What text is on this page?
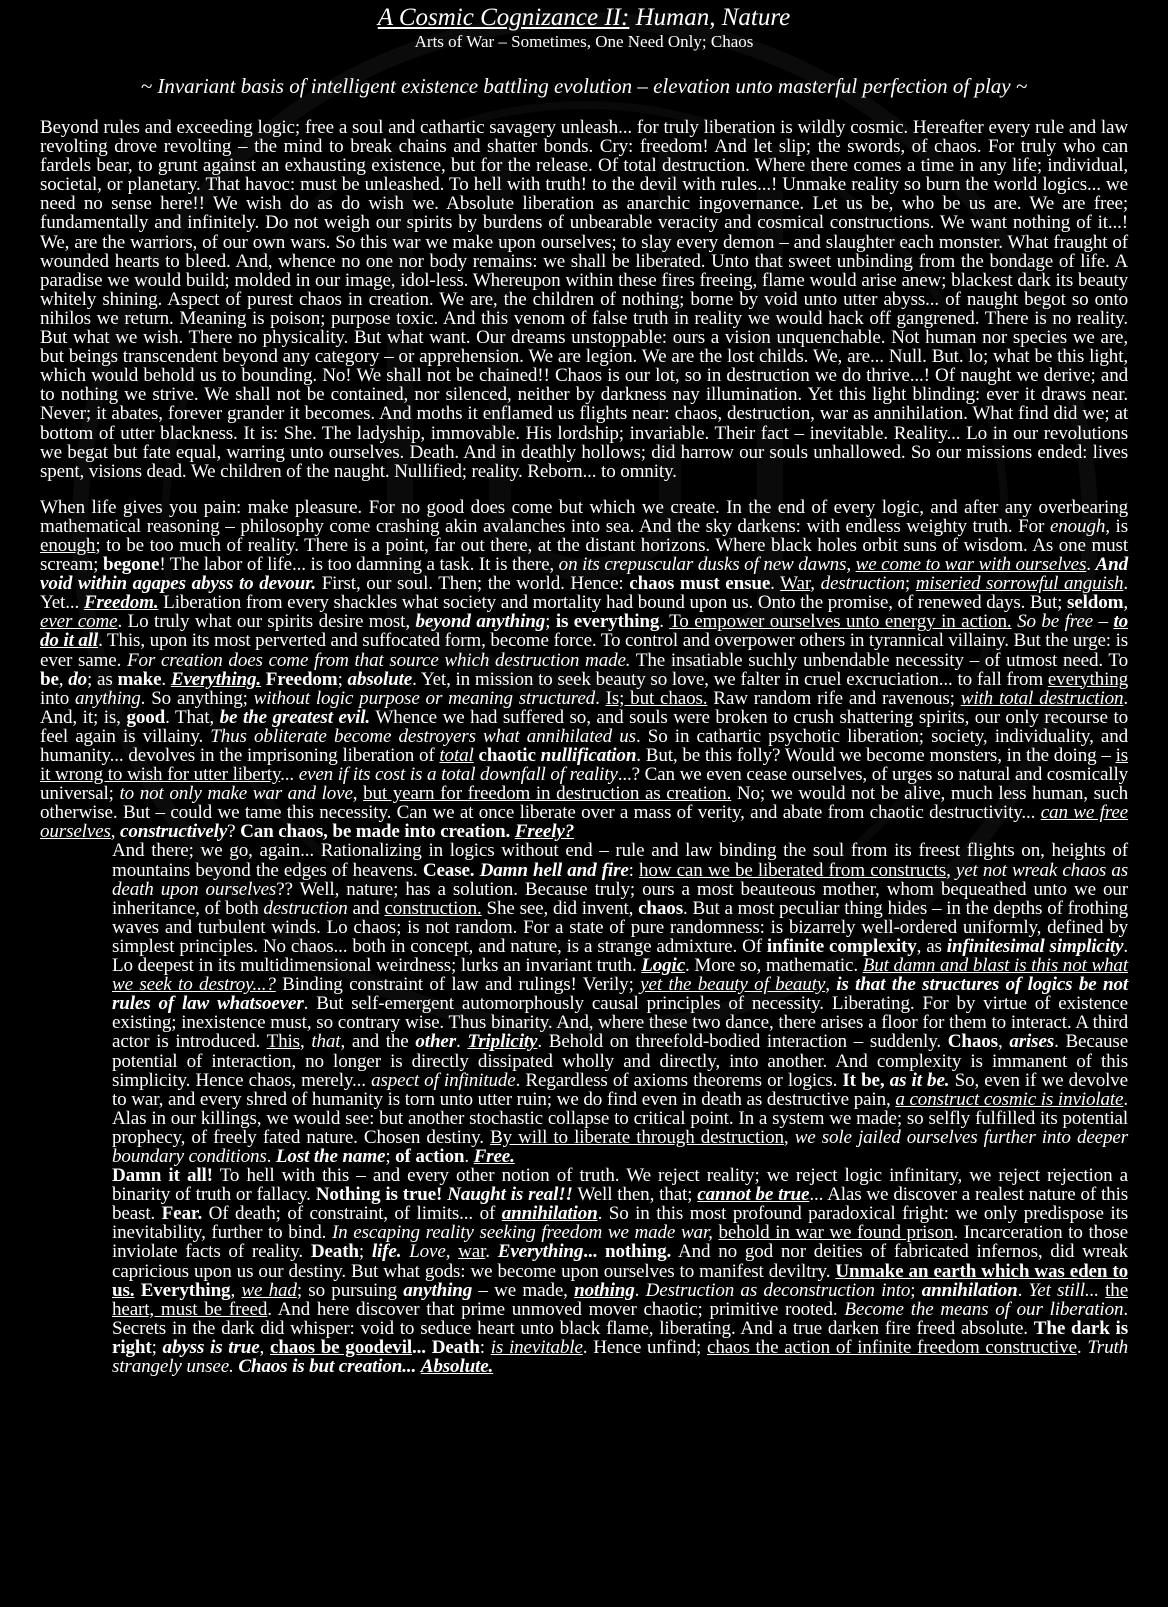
A Cosmic Cognizance II: Human, Nature
Arts of War – Sometimes, One Need Only; Chaos
~ Invariant basis of intelligent existence battling evolution – elevation unto masterful perfection of play ~
Beyond rules and exceeding logic; free a soul and cathartic savagery unleash... for truly liberation is wildly cosmic. Hereafter every rule and law revolting drove revolting – the mind to break chains and shatter bonds. Cry: freedom! And let slip; the swords, of chaos. For truly who can fardels bear, to grunt against an exhausting existence, but for the release. Of total destruction. Where there comes a time in any life; individual, societal, or planetary. That havoc: must be unleashed. To hell with truth! to the devil with rules...! Unmake reality so burn the world logics... we need no sense here!! We wish do as do wish we. Absolute liberation as anarchic ingovernance. Let us be, who be us are. We are free; fundamentally and infinitely. Do not weigh our spirits by burdens of unbearable veracity and cosmical constructions. We want nothing of it...! We, are the warriors, of our own wars. So this war we make upon ourselves; to slay every demon – and slaughter each monster. What fraught of wounded hearts to bleed. And, whence no one nor body remains: we shall be liberated. Unto that sweet unbinding from the bondage of life. A paradise we would build; molded in our image, idol-less. Whereupon within these fires freeing, flame would arise anew; blackest dark its beauty whitely shining. Aspect of purest chaos in creation. We are, the children of nothing; borne by void unto utter abyss... of naught begot so onto nihilos we return. Meaning is poison; purpose toxic. And this venom of false truth in reality we would hack off gangrened. There is no reality. But what we wish. There no physicality. But what want. Our dreams unstoppable: ours a vision unquenchable. Not human nor species we are, but beings transcendent beyond any category – or apprehension. We are legion. We are the lost childs. We, are... Null. But. lo; what be this light, which would behold us to bounding. No! We shall not be chained!! Chaos is our lot, so in destruction we do thrive...! Of naught we derive; and to nothing we strive. We shall not be contained, nor silenced, neither by darkness nay illumination. Yet this light blinding: ever it draws near. Never; it abates, forever grander it becomes. And moths it enflamed us flights near: chaos, destruction, war as annihilation. What find did we; at bottom of utter blackness. It is: She. The ladyship, immovable. His lordship; invariable. Their fact – inevitable. Reality... Lo in our revolutions we begat but fate equal, warring unto ourselves. Death. And in deathly hollows; did harrow our souls unhallowed. So our missions ended: lives spent, visions dead. We children of the naught. Nullified; reality. Reborn... to omnity.
When life gives you pain: make pleasure. For no good does come but which we create. In the end of every logic, and after any overbearing mathematical reasoning – philosophy come crashing akin avalanches into sea. And the sky darkens: with endless weighty truth. For enough, is enough; to be too much of reality. There is a point, far out there, at the distant horizons. Where black holes orbit suns of wisdom. As one must scream; begone! The labor of life... is too damning a task. It is there, on its crepuscular dusks of new dawns, we come to war with ourselves. And void within agapes abyss to devour. First, our soul. Then; the world. Hence: chaos must ensue. War, destruction; miseried sorrowful anguish. Yet... Freedom. Liberation from every shackles what society and mortality had bound upon us. Onto the promise, of renewed days. But; seldom, ever come. Lo truly what our spirits desire most, beyond anything; is everything. To empower ourselves unto energy in action. So be free – to do it all. This, upon its most perverted and suffocated form, become force. To control and overpower others in tyrannical villainy. But the urge: is ever same. For creation does come from that source which destruction made. The insatiable suchly unbendable necessity – of utmost need. To be, do; as make. Everything. Freedom; absolute. Yet, in mission to seek beauty so love, we falter in cruel excruciation... to fall from everything into anything. So anything; without logic purpose or meaning structured. Is; but chaos. Raw random rife and ravenous; with total destruction. And, it; is, good. That, be the greatest evil. Whence we had suffered so, and souls were broken to crush shattering spirits, our only recourse to feel again is villainy. Thus obliterate become destroyers what annihilated us. So in cathartic psychotic liberation; society, individuality, and humanity... devolves in the imprisoning liberation of total chaotic nullification. But, be this folly? Would we become monsters, in the doing – is it wrong to wish for utter liberty... even if its cost is a total downfall of reality...? Can we even cease ourselves, of urges so natural and cosmically universal; to not only make war and love, but yearn for freedom in destruction as creation. No; we would not be alive, much less human, such otherwise. But – could we tame this necessity. Can we at once liberate over a mass of verity, and abate from chaotic destructivity... can we free ourselves, constructively? Can chaos, be made into creation. Freely?
And there; we go, again... Rationalizing in logics without end – rule and law binding the soul from its freest flights on, heights of mountains beyond the edges of heavens. Cease. Damn hell and fire: how can we be liberated from constructs, yet not wreak chaos as death upon ourselves?? Well, nature; has a solution. Because truly; ours a most beauteous mother, whom bequeathed unto we our inheritance, of both destruction and construction. She see, did invent, chaos. But a most peculiar thing hides – in the depths of frothing waves and turbulent winds. Lo chaos; is not random. For a state of pure randomness: is bizarrely well-ordered uniformly, defined by simplest principles. No chaos... both in concept, and nature, is a strange admixture. Of infinite complexity, as infinitesimal simplicity. Lo deepest in its multidimensional weirdness; lurks an invariant truth. Logic. More so, mathematic. But damn and blast is this not what we seek to destroy...? Binding constraint of law and rulings! Verily; yet the beauty of beauty, is that the structures of logics be not rules of law whatsoever. But self-emergent automorphously causal principles of necessity. Liberating. For by virtue of existence existing; inexistence must, so contrary wise. Thus binarity. And, where these two dance, there arises a floor for them to interact. A third actor is introduced. This, that, and the other. Triplicity. Behold on threefold-bodied interaction – suddenly. Chaos, arises. Because potential of interaction, no longer is directly dissipated wholly and directly, into another. And complexity is immanent of this simplicity. Hence chaos, merely... aspect of infinitude. Regardless of axioms theorems or logics. It be, as it be. So, even if we devolve to war, and every shred of humanity is torn unto utter ruin; we do find even in death as destructive pain, a construct cosmic is inviolate. Alas in our killings, we would see: but another stochastic collapse to critical point. In a system we made; so selfly fulfilled its potential prophecy, of freely fated nature. Chosen destiny. By will to liberate through destruction, we sole jailed ourselves further into deeper boundary conditions. Lost the name; of action. Free.
Damn it all! To hell with this – and every other notion of truth. We reject reality; we reject logic infinitary, we reject rejection a binarity of truth or fallacy. Nothing is true! Naught is real!! Well then, that; cannot be true... Alas we discover a realest nature of this beast. Fear. Of death; of constraint, of limits... of annihilation. So in this most profound paradoxical fright: we only predispose its inevitability, further to bind. In escaping reality seeking freedom we made war, behold in war we found prison. Incarceration to those inviolate facts of reality. Death; life. Love, war. Everything... nothing. And no god nor deities of fabricated infernos, did wreak capricious upon us our destiny. But what gods: we become upon ourselves to manifest deviltry. Unmake an earth which was eden to us. Everything, we had; so pursuing anything – we made, nothing. Destruction as deconstruction into; annihilation. Yet still... the heart, must be freed. And here discover that prime unmoved mover chaotic; primitive rooted. Become the means of our liberation. Secrets in the dark did whisper: void to seduce heart unto black flame, liberating. And a true darken fire freed absolute. The dark is right; abyss is true, chaos be goodevil... Death: is inevitable. Hence unfind; chaos the action of infinite freedom constructive. Truth strangely unsee. Chaos is but creation... Absolute.
